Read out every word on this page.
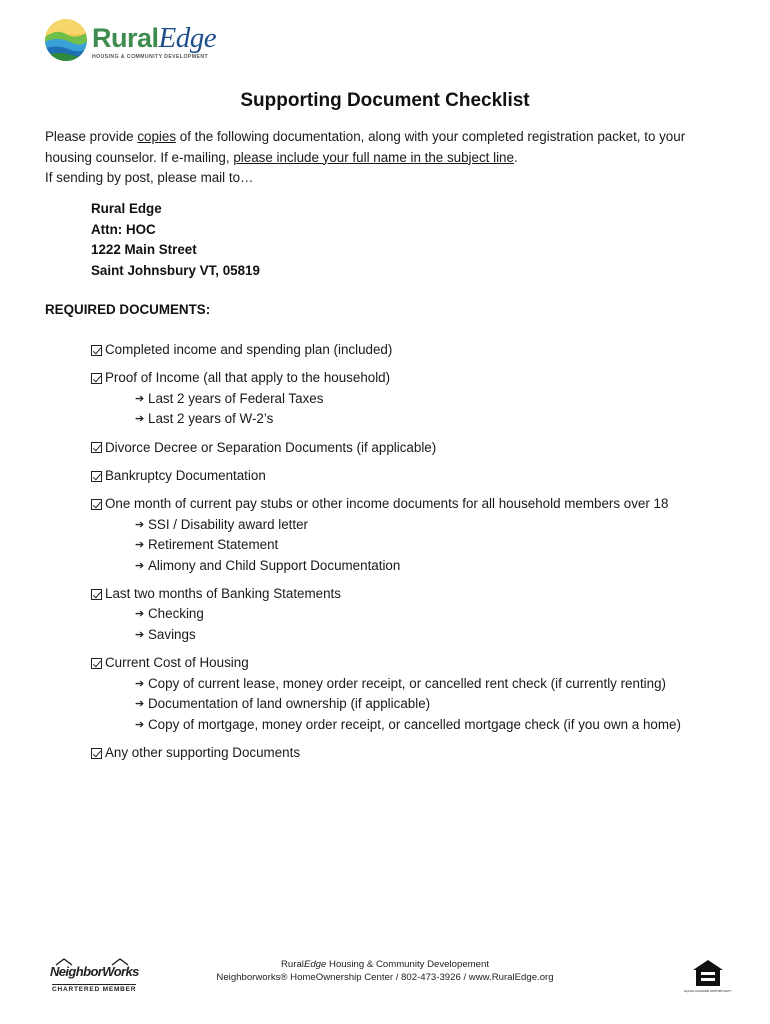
RuralEdge
HOUSING & COMMUNITY DEVELOPMENT
Supporting Document Checklist
Please provide copies of the following documentation, along with your completed registration packet, to your housing counselor. If e-mailing, please include your full name in the subject line.
If sending by post, please mail to…
Rural Edge
Attn: HOC
1222 Main Street
Saint Johnsbury VT, 05819
REQUIRED DOCUMENTS:
Completed income and spending plan (included)
Proof of Income (all that apply to the household)
➔ Last 2 years of Federal Taxes
➔ Last 2 years of W-2’s
Divorce Decree or Separation Documents (if applicable)
Bankruptcy Documentation
One month of current pay stubs or other income documents for all household members over 18
➔ SSI / Disability award letter
➔ Retirement Statement
➔ Alimony and Child Support Documentation
Last two months of Banking Statements
➔ Checking
➔ Savings
Current Cost of Housing
➔ Copy of current lease, money order receipt, or cancelled rent check (if currently renting)
➔ Documentation of land ownership (if applicable)
➔ Copy of mortgage, money order receipt, or cancelled mortgage check (if you own a home)
Any other supporting Documents
NeighborWorks
CHARTERED MEMBER
RuralEdge Housing & Community Developement
Neighborworks® HomeOwnership Center / 802-473-3926 / www.RuralEdge.org
EQUAL HOUSING OPPORTUNITY
